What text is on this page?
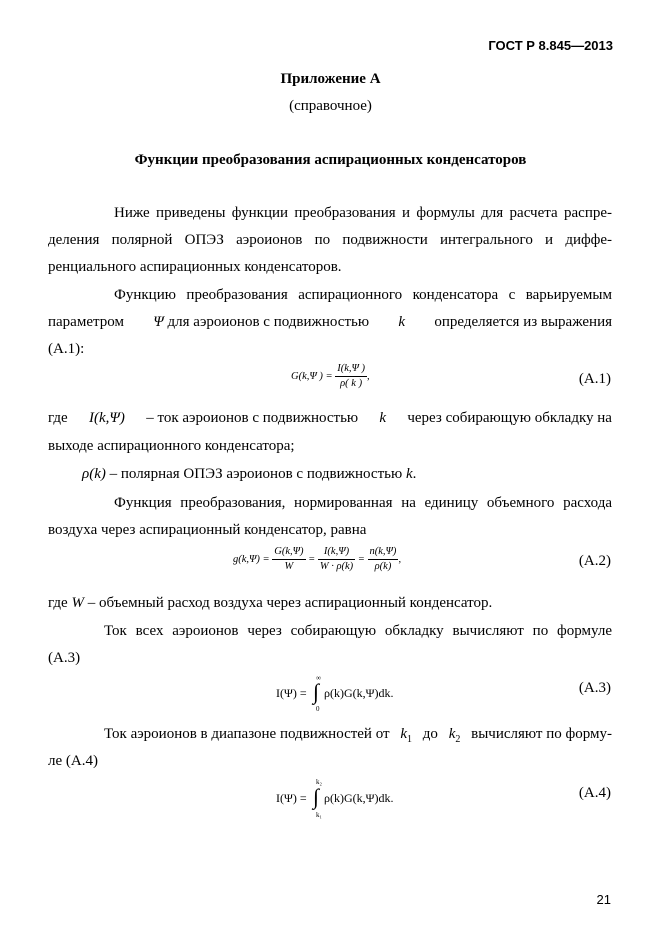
ГОСТ Р 8.845—2013
Приложение А
(справочное)
Функции преобразования аспирационных конденсаторов
Ниже приведены функции преобразования и формулы для расчета распре-
деления полярной ОПЭЗ аэроионов по подвижности интегрального и диффе-
ренциального аспирационных конденсаторов.
Функцию преобразования аспирационного конденсатора с варьируемым
параметром Ψ для аэроионов с подвижностью k определяется из выражения
(А.1):
G(k,Ψ ) = $\frac{I(k,\Psi )}{\rho( k )}$ ,	(А.1)
где I(k,Ψ) – ток аэроионов с подвижностью k через собирающую обкладку на
выходе аспирационного конденсатора;
ρ(k) – полярная ОПЭЗ аэроионов с подвижностью k.
Функция преобразования, нормированная на единицу объемного расхода
воздуха через аспирационный конденсатор, равна
$g(k,\Psi) = \frac{G(k,\Psi)}{W} = \frac{I(k,\Psi)}{W \cdot \rho(k)} = \frac{n(k,\Psi)}{\rho(k)}$ ,	(А.2)
где W – объемный расход воздуха через аспирационный конденсатор.
Ток всех аэроионов через собирающую обкладку вычисляют по формуле
(А.3)
I(Ψ) =
∞
∫
0
ρ(k)G(k,Ψ)dk.	(А.3)
Ток аэроионов в диапазоне подвижностей от $k_1$ до $k_2$ вычисляют по форму-
ле (А.4)
I(Ψ) =
k₂
∫
k₁
ρ(k)G(k,Ψ)dk.	(А.4)
21
